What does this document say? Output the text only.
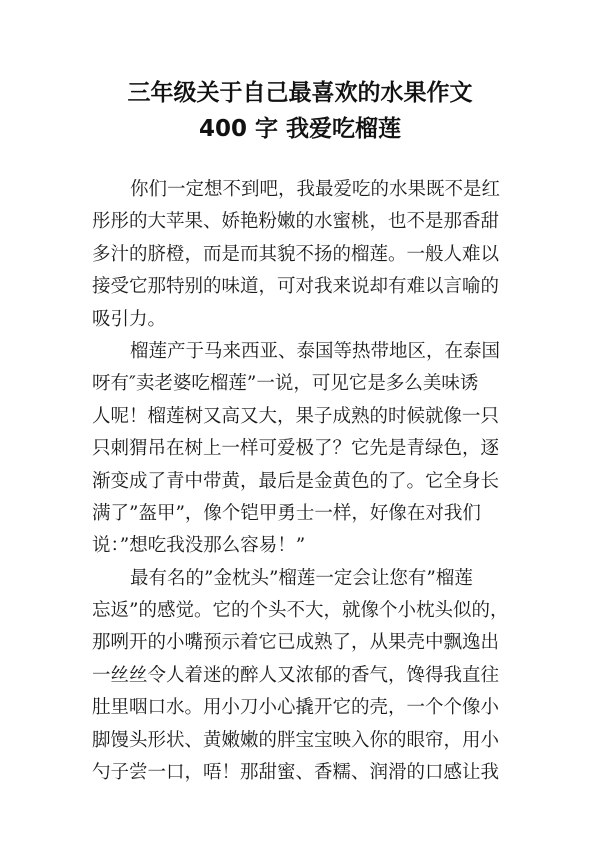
三年级关于自己最喜欢的水果作文
400 字 我爱吃榴莲
你们一定想不到吧，我最爱吃的水果既不是红
彤彤的大苹果、娇艳粉嫩的水蜜桃，也不是那香甜
多汁的脐橙，而是而其貌不扬的榴莲。一般人难以
接受它那特别的味道，可对我来说却有难以言喻的
吸引力。
榴莲产于马来西亚、泰国等热带地区，在泰国
呀有″卖老婆吃榴莲”一说，可见它是多么美味诱
人呢！榴莲树又高又大，果子成熟的时候就像一只
只刺猬吊在树上一样可爱极了？它先是青绿色，逐
渐变成了青中带黄，最后是金黄色的了。它全身长
满了”盔甲”，像个铠甲勇士一样，好像在对我们
说：”想吃我没那么容易！”
最有名的”金枕头”榴莲一定会让您有”榴莲
忘返”的感觉。它的个头不大，就像个小枕头似的，
那咧开的小嘴预示着它已成熟了，从果壳中飘逸出
一丝丝令人着迷的醉人又浓郁的香气，馋得我直往
肚里咽口水。用小刀小心撬开它的壳，一个个像小
脚馒头形状、黄嫩嫩的胖宝宝映入你的眼帘，用小
勺子尝一口，唔！那甜蜜、香糯、润滑的口感让我
